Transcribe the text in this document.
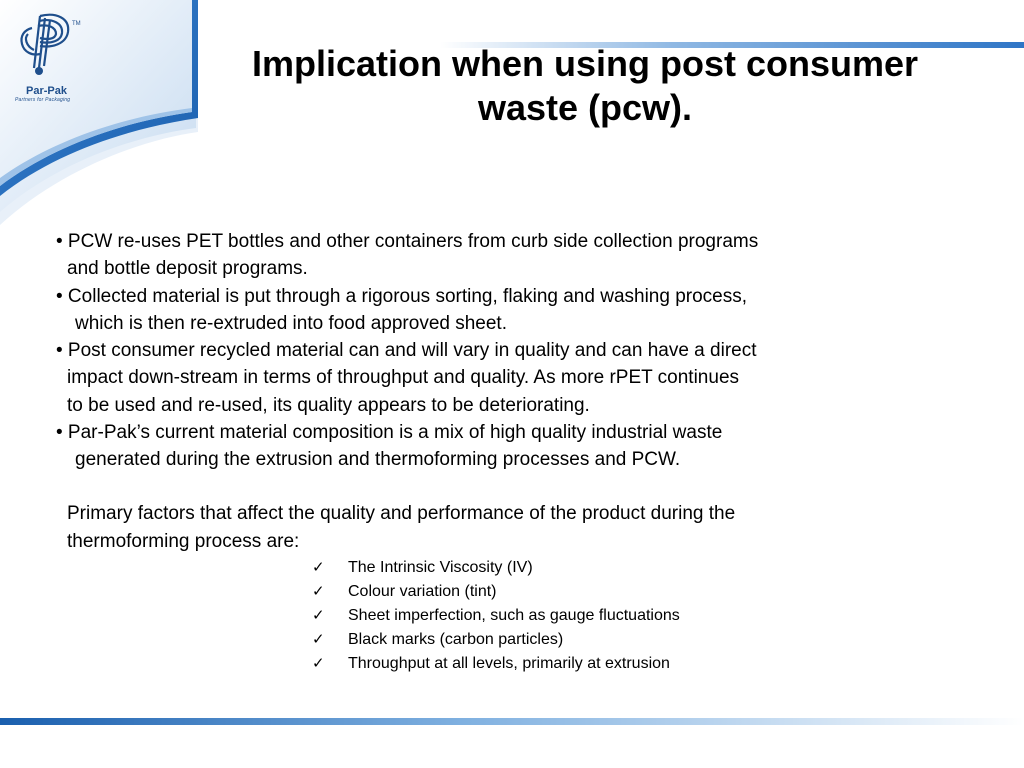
TM
Par-Pak
Partners for Packaging
Implication when using post consumer
waste (pcw).
• PCW re-uses PET bottles and other containers from curb side collection programs
and bottle deposit programs.
• Collected material is put through a rigorous sorting, flaking and washing process,
which is then re-extruded into food approved sheet.
• Post consumer recycled material can and will vary in quality and can have a direct
impact down-stream in terms of throughput and quality. As more rPET continues
to be used and re-used, its quality appears to be deteriorating.
• Par-Pak’s current material composition is a mix of high quality industrial waste
generated during the extrusion and thermoforming processes and PCW.
Primary factors that affect the quality and performance of the product during the
thermoforming process are:
✓ The Intrinsic Viscosity (IV)
✓ Colour variation (tint)
✓ Sheet imperfection, such as gauge fluctuations
✓ Black marks (carbon particles)
✓ Throughput at all levels, primarily at extrusion
